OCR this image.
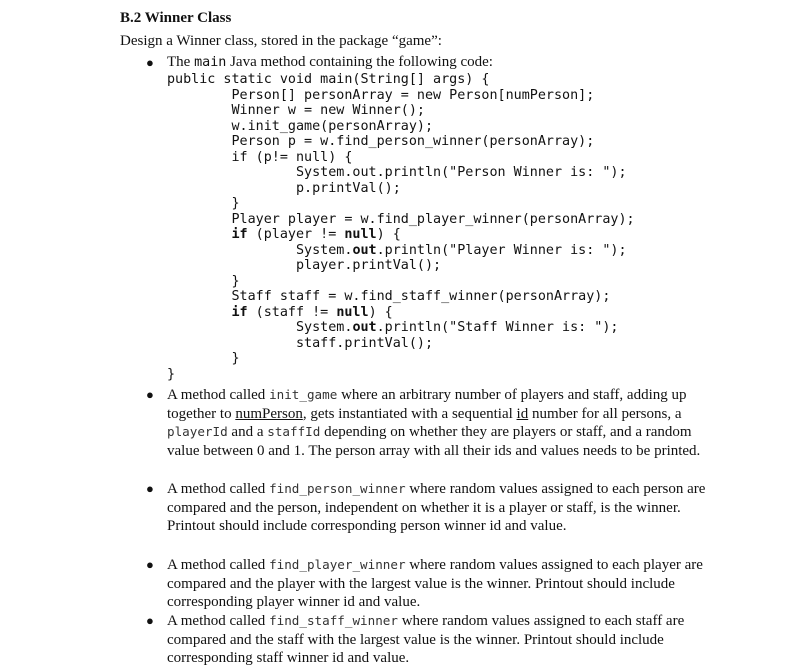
B.2 Winner Class
Design a Winner class, stored in the package “game”:
● The main Java method containing the following code:
public static void main(String[] args) {
Person[] personArray = new Person[numPerson];
Winner w = new Winner();
w.init_game(personArray);
Person p = w.find_person_winner(personArray);
if (p!= null) {
System.out.println("Person Winner is: ");
p.printVal();
}
Player player = w.find_player_winner(personArray);
if (player != null) {
System.out.println("Player Winner is: ");
player.printVal();
}
Staff staff = w.find_staff_winner(personArray);
if (staff != null) {
System.out.println("Staff Winner is: ");
staff.printVal();
}
}
● A method called init_game where an arbitrary number of players and staff, adding up together to numPerson, gets instantiated with a sequential id number for all persons, a playerId and a staffId depending on whether they are players or staff, and a random value between 0 and 1. The person array with all their ids and values needs to be printed.
● A method called find_person_winner where random values assigned to each person are compared and the person, independent on whether it is a player or staff, is the winner. Printout should include corresponding person winner id and value.
● A method called find_player_winner where random values assigned to each player are compared and the player with the largest value is the winner. Printout should include corresponding player winner id and value.
● A method called find_staff_winner where random values assigned to each staff are compared and the staff with the largest value is the winner. Printout should include corresponding staff winner id and value.
